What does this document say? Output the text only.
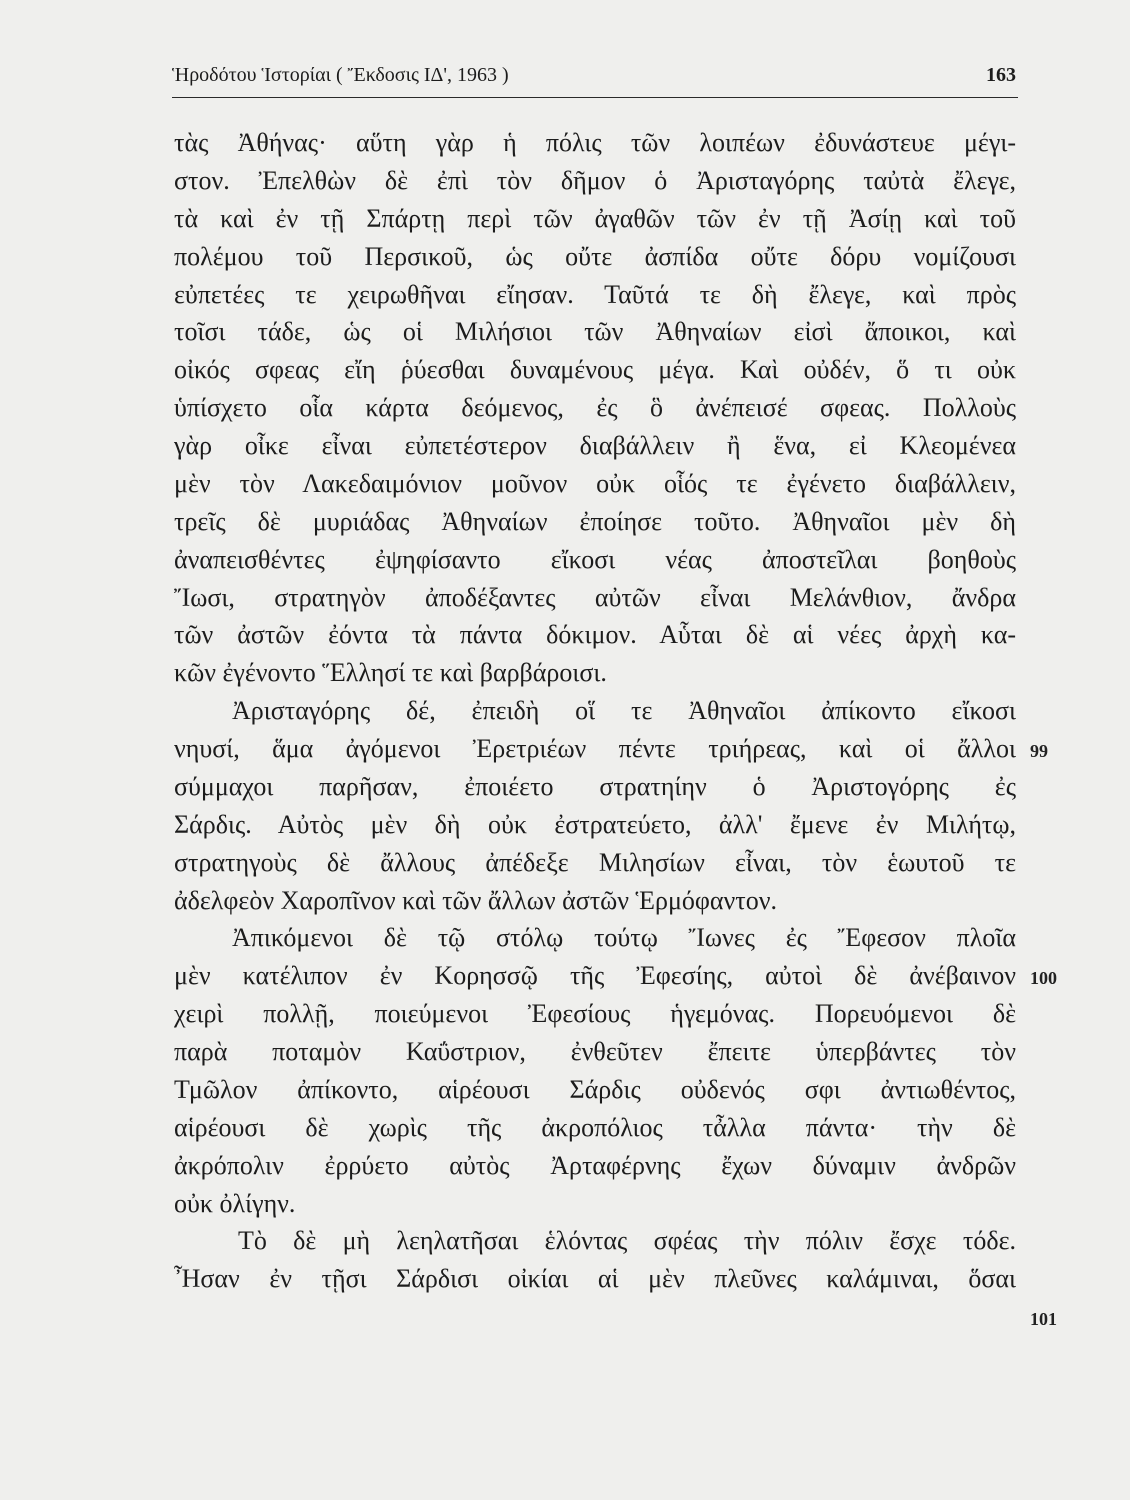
Ἡροδότου Ἱστορίαι ( Ἔκδοσις ΙΔ', 1963 )	163
τὰς Ἀθήνας· αὕτη γὰρ ἡ πόλις τῶν λοιπέων ἐδυνάστευε μέγι-
στον. Ἐπελθὼν δὲ ἐπὶ τὸν δῆμον ὁ Ἀρισταγόρης ταὐτὰ ἔλεγε,
τὰ καὶ ἐν τῇ Σπάρτῃ περὶ τῶν ἀγαθῶν τῶν ἐν τῇ Ἀσίῃ καὶ τοῦ
πολέμου τοῦ Περσικοῦ, ὡς οὔτε ἀσπίδα οὔτε δόρυ νομίζουσι
εὐπετέες τε χειρωθῆναι εἴησαν. Ταῦτά τε δὴ ἔλεγε, καὶ πρὸς
τοῖσι τάδε, ὡς οἱ Μιλήσιοι τῶν Ἀθηναίων εἰσὶ ἄποικοι, καὶ
οἰκός σφεας εἴη ῥύεσθαι δυναμένους μέγα. Καὶ οὐδέν, ὅ τι οὐκ
ὑπίσχετο οἷα κάρτα δεόμενος, ἐς ὃ ἀνέπεισέ σφεας. Πολλοὺς
γὰρ οἶκε εἶναι εὐπετέστερον διαβάλλειν ἢ ἕνα, εἰ Κλεομένεα
μὲν τὸν Λακεδαιμόνιον μοῦνον οὐκ οἷός τε ἐγένετο διαβάλλειν,
τρεῖς δὲ μυριάδας Ἀθηναίων ἐποίησε τοῦτο. Ἀθηναῖοι μὲν δὴ
ἀναπεισθέντες ἐψηφίσαντο εἴκοσι νέας ἀποστεῖλαι βοηθοὺς
Ἴωσι, στρατηγὸν ἀποδέξαντες αὐτῶν εἶναι Μελάνθιον, ἄνδρα
τῶν ἀστῶν ἐόντα τὰ πάντα δόκιμον. Αὗται δὲ αἱ νέες ἀρχὴ κα-
κῶν ἐγένοντο Ἕλλησί τε καὶ βαρβάροισι.
Ἀρισταγόρης δέ, ἐπειδὴ οἵ τε Ἀθηναῖοι ἀπίκοντο εἴκοσι
νηυσί, ἅμα ἀγόμενοι Ἐρετριέων πέντε τριήρεας, καὶ οἱ ἄλλοι
σύμμαχοι παρῆσαν, ἐποιέετο στρατηίην ὁ Ἀριστογόρης ἐς
Σάρδις. Αὐτὸς μὲν δὴ οὐκ ἐστρατεύετο, ἀλλ' ἔμενε ἐν Μιλήτῳ,
στρατηγοὺς δὲ ἄλλους ἀπέδεξε Μιλησίων εἶναι, τὸν ἑωυτοῦ τε
ἀδελφεὸν Χαροπῖνον καὶ τῶν ἄλλων ἀστῶν Ἑρμόφαντον.
Ἀπικόμενοι δὲ τῷ στόλῳ τούτῳ Ἴωνες ἐς Ἔφεσον πλοῖα
μὲν κατέλιπον ἐν Κορησσῷ τῆς Ἐφεσίης, αὐτοὶ δὲ ἀνέβαινον
χειρὶ πολλῇ, ποιεύμενοι Ἐφεσίους ἡγεμόνας. Πορευόμενοι δὲ
παρὰ ποταμὸν Καΰστριον, ἐνθεῦτεν ἔπειτε ὑπερβάντες τὸν
Τμῶλον ἀπίκοντο, αἱρέουσι Σάρδις οὐδενός σφι ἀντιωθέντος,
αἱρέουσι δὲ χωρὶς τῆς ἀκροπόλιος τἆλλα πάντα· τὴν δὲ
ἀκρόπολιν ἐρρύετο αὐτὸς Ἀρταφέρνης ἔχων δύναμιν ἀνδρῶν
οὐκ ὀλίγην.
Τὸ δὲ μὴ λεηλατῆσαι ἑλόντας σφέας τὴν πόλιν ἔσχε τόδε.
Ἦσαν ἐν τῇσι Σάρδισι οἰκίαι αἱ μὲν πλεῦνες καλάμιναι, ὅσαι
99
100
101
